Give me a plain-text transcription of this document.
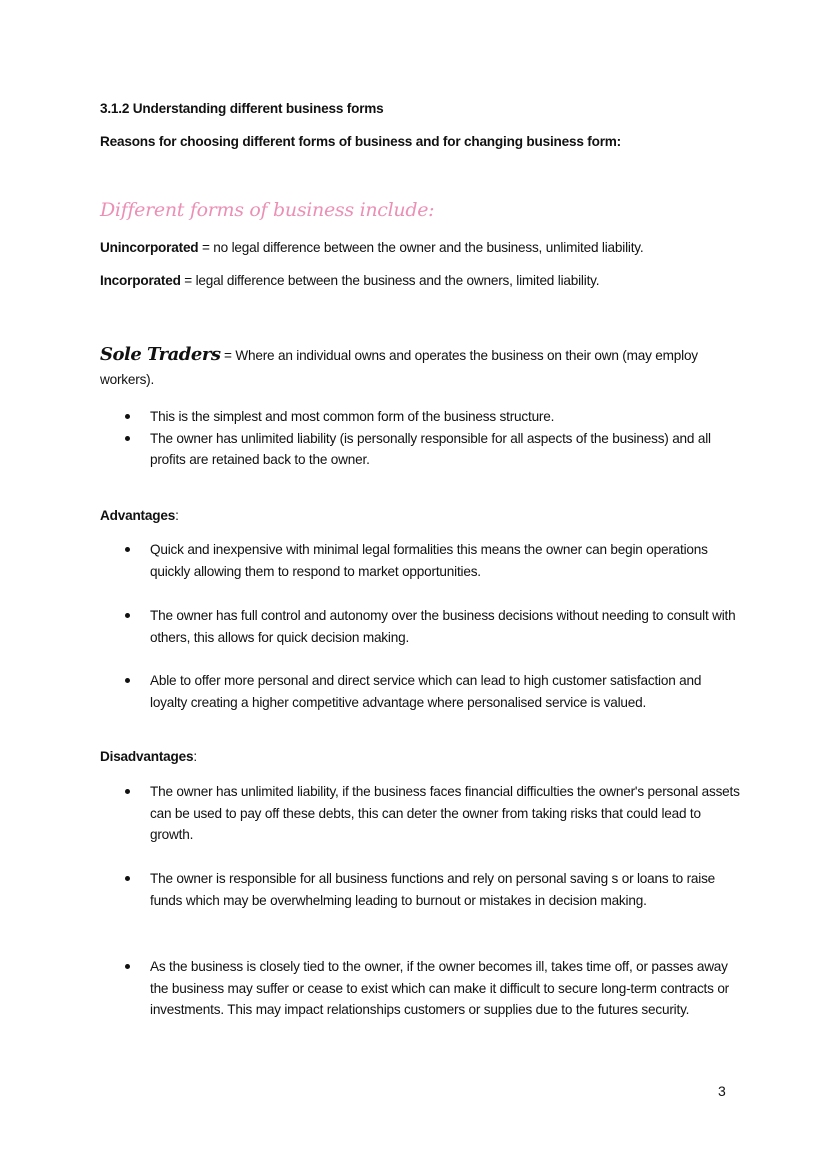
3.1.2 Understanding different business forms
Reasons for choosing different forms of business and for changing business form:
Different forms of business include:
Unincorporated = no legal difference between the owner and the business, unlimited liability.
Incorporated = legal difference between the business and the owners, limited liability.
Sole Traders = Where an individual owns and operates the business on their own (may employ workers).
This is the simplest and most common form of the business structure.
The owner has unlimited liability (is personally responsible for all aspects of the business) and all profits are retained back to the owner.
Advantages:
Quick and inexpensive with minimal legal formalities this means the owner can begin operations quickly allowing them to respond to market opportunities.
The owner has full control and autonomy over the business decisions without needing to consult with others, this allows for quick decision making.
Able to offer more personal and direct service which can lead to high customer satisfaction and loyalty creating a higher competitive advantage where personalised service is valued.
Disadvantages:
The owner has unlimited liability, if the business faces financial difficulties the owner's personal assets can be used to pay off these debts, this can deter the owner from taking risks that could lead to growth.
The owner is responsible for all business functions and rely on personal saving s or loans to raise funds which may be overwhelming leading to burnout or mistakes in decision making.
As the business is closely tied to the owner, if the owner becomes ill, takes time off, or passes away the business may suffer or cease to exist which can make it difficult to secure long-term contracts or investments. This may impact relationships customers or supplies due to the futures security.
3
